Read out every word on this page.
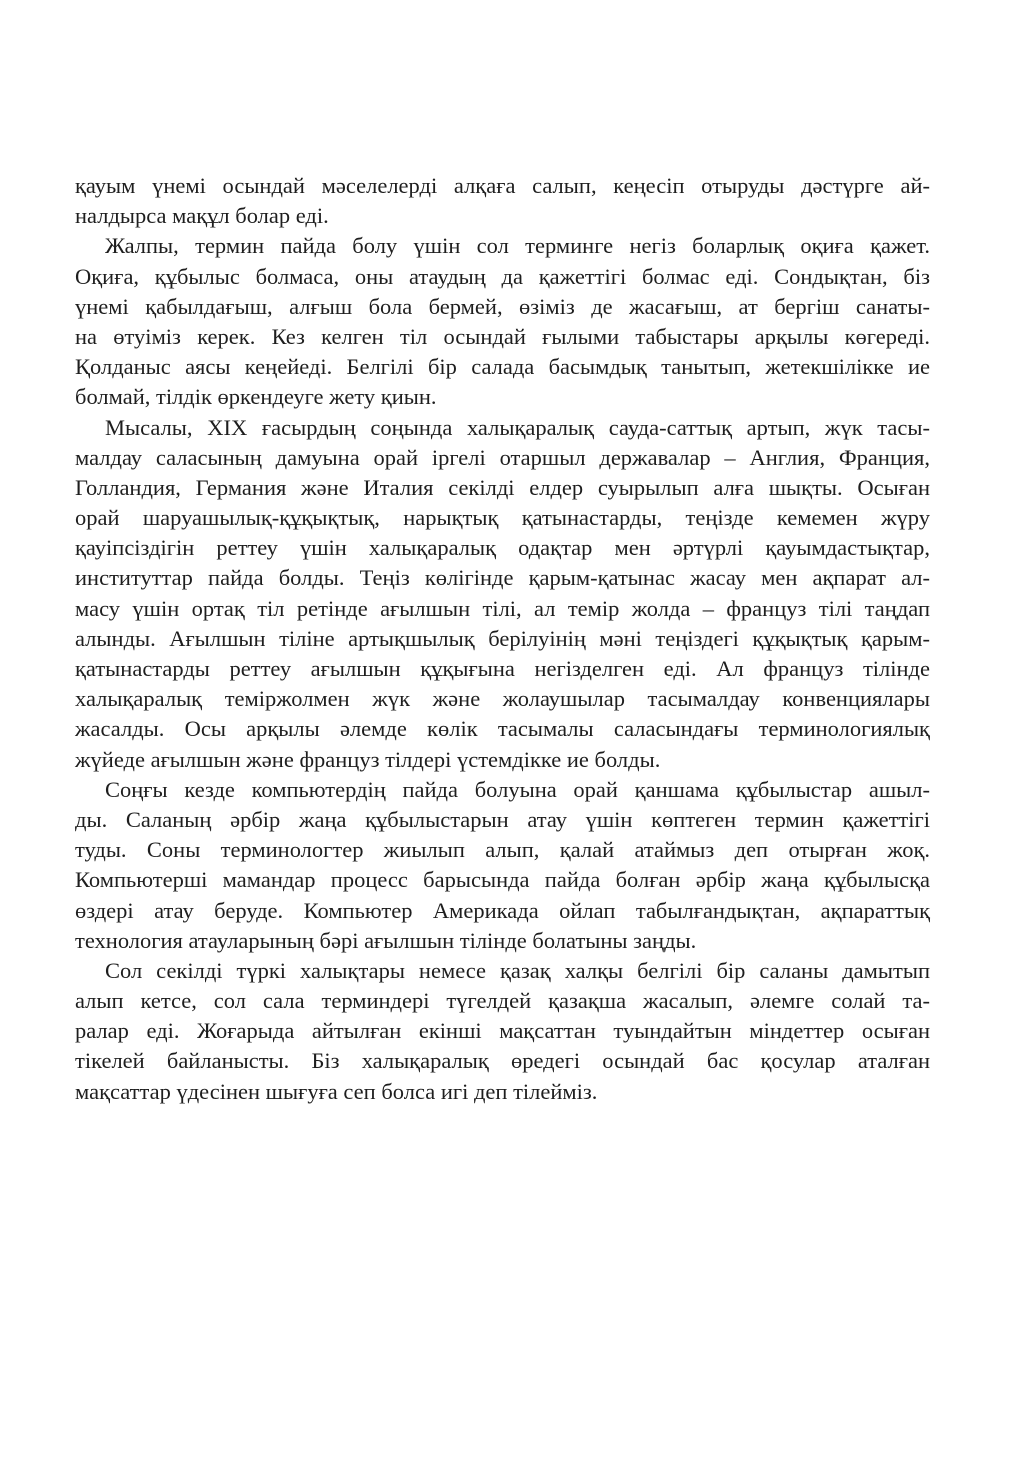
қауым үнемі осындай мәселелерді алқаға салып, кеңесіп отыруды дәстүрге ай-
налдырса мақұл болар еді.
Жалпы, термин пайда болу үшін сол терминге негіз боларлық оқиға қажет.
Оқиға, құбылыс болмаса, оны атаудың да қажеттігі болмас еді. Сондықтан, біз
үнемі қабылдағыш, алғыш бола бермей, өзіміз де жасағыш, ат бергіш санаты-
на өтуіміз керек. Кез келген тіл осындай ғылыми табыстары арқылы көгереді.
Қолданыс аясы кеңейеді. Белгілі бір салада басымдық танытып, жетекшілікке ие
болмай, тілдік өркендеуге жету қиын.
Мысалы, XIX ғасырдың соңында халықаралық сауда-саттық артып, жүк тасы-
малдау саласының дамуына орай іргелі отаршыл державалар – Англия, Франция,
Голландия, Германия және Италия секілді елдер суырылып алға шықты. Осыған
орай шаруашылық-құқықтық, нарықтық қатынастарды, теңізде кемемен жүру
қауіпсіздігін реттеу үшін халықаралық одақтар мен әртүрлі қауымдастықтар,
институттар пайда болды. Теңіз көлігінде қарым-қатынас жасау мен ақпарат ал-
масу үшін ортақ тіл ретінде ағылшын тілі, ал темір жолда – француз тілі таңдап
алынды. Ағылшын тіліне артықшылық берілуінің мәні теңіздегі құқықтық қарым-
қатынастарды реттеу ағылшын құқығына негізделген еді. Ал француз тілінде
халықаралық теміржолмен жүк және жолаушылар тасымалдау конвенциялары
жасалды. Осы арқылы әлемде көлік тасымалы саласындағы терминологиялық
жүйеде ағылшын және француз тілдері үстемдікке ие болды.
Соңғы кезде компьютердің пайда болуына орай қаншама құбылыстар ашыл-
ды. Саланың әрбір жаңа құбылыстарын атау үшін көптеген термин қажеттігі
туды. Соны терминологтер жиылып алып, қалай атаймыз деп отырған жоқ.
Компьютерші мамандар процесс барысында пайда болған әрбір жаңа құбылысқа
өздері атау беруде. Компьютер Америкада ойлап табылғандықтан, ақпараттық
технология атауларының бәрі ағылшын тілінде болатыны заңды.
Сол секілді түркі халықтары немесе қазақ халқы белгілі бір саланы дамытып
алып кетсе, сол сала терминдері түгелдей қазақша жасалып, әлемге солай та-
ралар еді. Жоғарыда айтылған екінші мақсаттан туындайтын міндеттер осыған
тікелей байланысты. Біз халықаралық өредегі осындай бас қосулар аталған
мақсаттар үдесінен шығуға сеп болса игі деп тілейміз.
